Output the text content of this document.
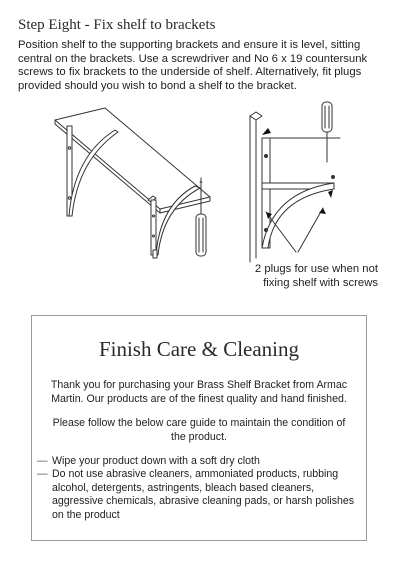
Step Eight - Fix shelf to brackets

Position shelf to the supporting brackets and ensure it is level, sitting central on the brackets. Use a screwdriver and No 6 x 19 countersunk screws to fix brackets to the underside of shelf. Alternatively, fit plugs provided should you wish to bond a shelf to the bracket.

2 plugs for use when not
fixing shelf with screws
Finish Care & Cleaning

Thank you for purchasing your Brass Shelf Bracket from Armac Martin. Our products are of the finest quality and hand finished.

Please follow the below care guide to maintain the condition of the product.

— Wipe your product down with a soft dry cloth
— Do not use abrasive cleaners, ammoniated products, rubbing alcohol, detergents, astringents, bleach based cleaners, aggressive chemicals, abrasive cleaning pads, or harsh polishes on the product
